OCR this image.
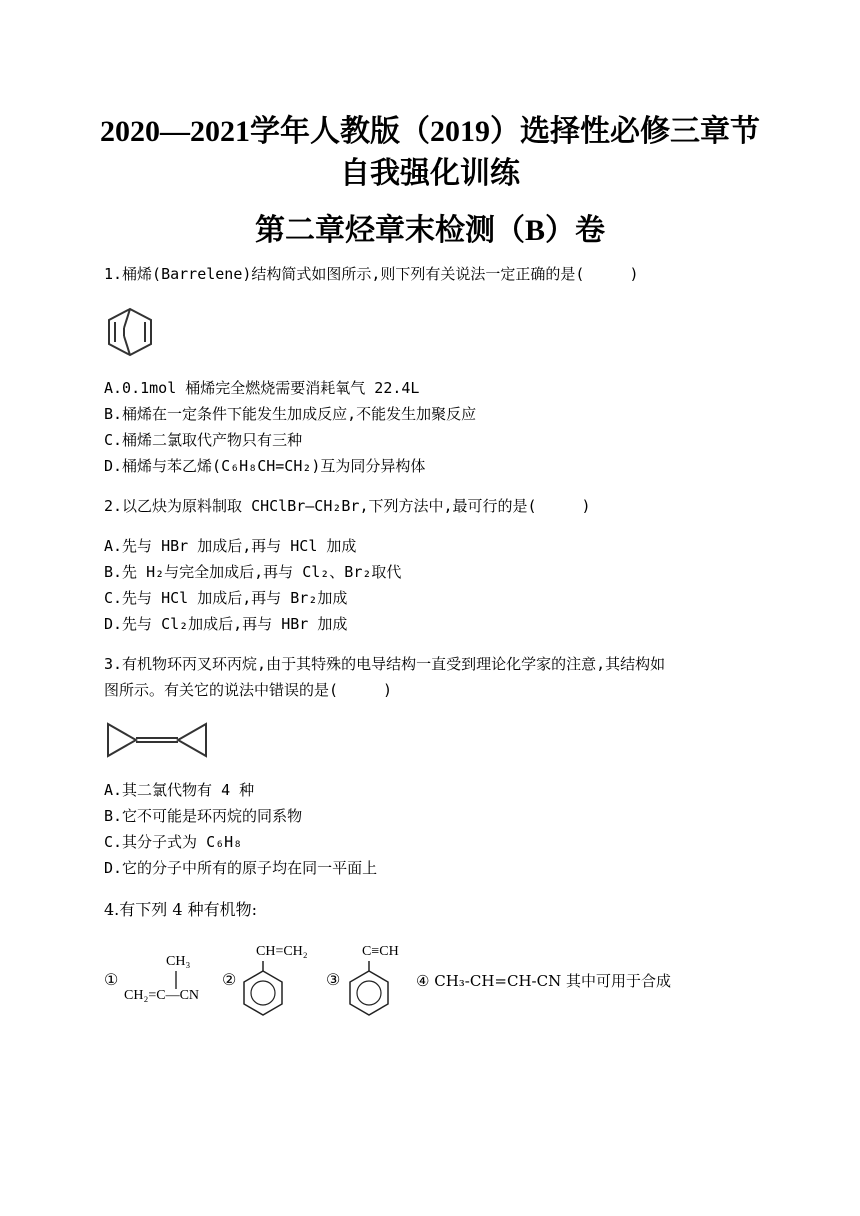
2020—2021学年人教版（2019）选择性必修三章节
自我强化训练
第二章烃章末检测（B）卷
1.桶烯(Barrelene)结构简式如图所示,则下列有关说法一定正确的是(　　　)
A.0.1mol 桶烯完全燃烧需要消耗氧气 22.4L
B.桶烯在一定条件下能发生加成反应,不能发生加聚反应
C.桶烯二氯取代产物只有三种
D.桶烯与苯乙烯(C₆H₈CH=CH₂)互为同分异构体
2.以乙炔为原料制取 CHClBr—CH₂Br,下列方法中,最可行的是(　　　)
A.先与 HBr 加成后,再与 HCl 加成
B.先 H₂与完全加成后,再与 Cl₂、Br₂取代
C.先与 HCl 加成后,再与 Br₂加成
D.先与 Cl₂加成后,再与 HBr 加成
3.有机物环丙叉环丙烷,由于其特殊的电导结构一直受到理论化学家的注意,其结构如
图所示。有关它的说法中错误的是(　　　)
A.其二氯代物有 4 种
B.它不可能是环丙烷的同系物
C.其分子式为 C₆H₈
D.它的分子中所有的原子均在同一平面上
4.有下列 4 种有机物:
①
CH₃
CH₂=C—CN
②
CH=CH₂
③
C≡CH
④ CH₃-CH=CH-CN 其中可用于合成
